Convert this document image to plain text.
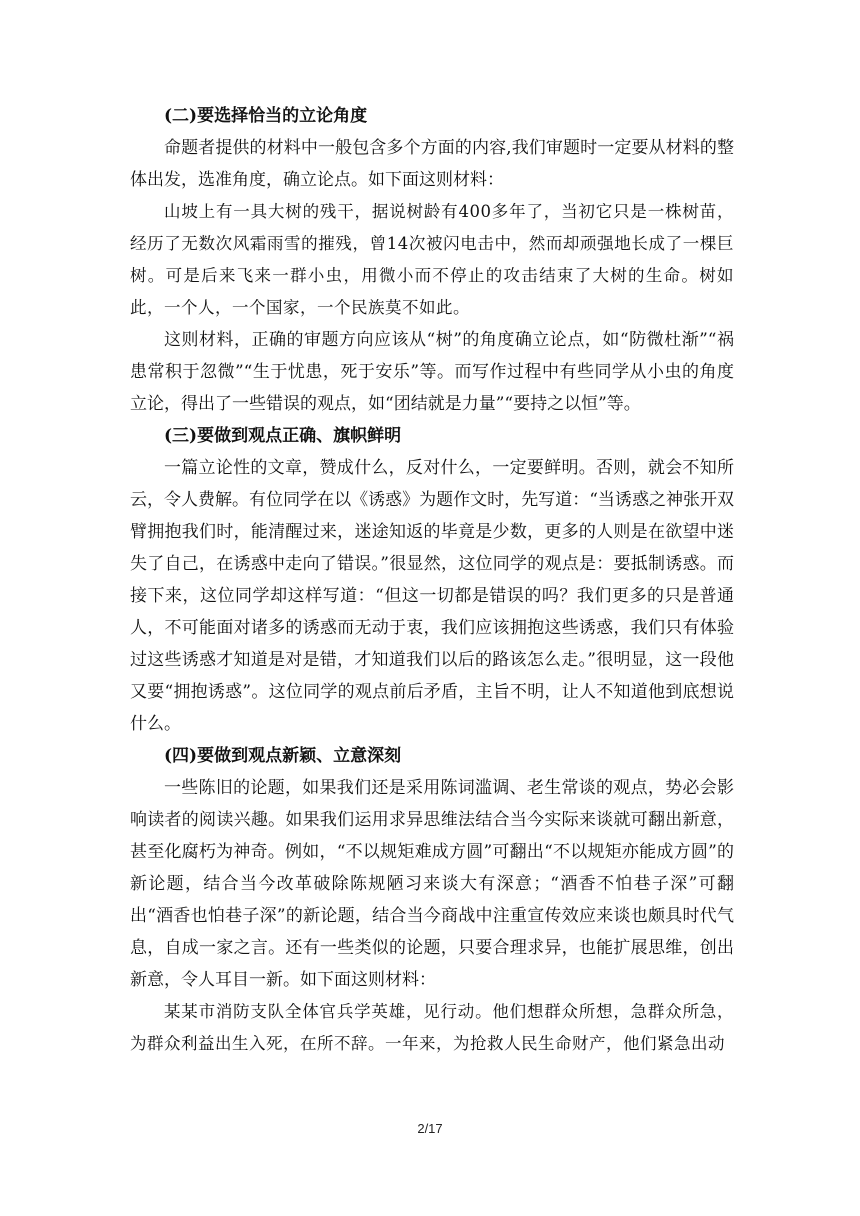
(二)要选择恰当的立论角度

命题者提供的材料中一般包含多个方面的内容,我们审题时一定要从材料的整体出发，选准角度，确立论点。如下面这则材料：

山坡上有一具大树的残干，据说树龄有400多年了，当初它只是一株树苗，经历了无数次风霜雨雪的摧残，曾14次被闪电击中，然而却顽强地长成了一棵巨树。可是后来飞来一群小虫，用微小而不停止的攻击结束了大树的生命。树如此，一个人，一个国家，一个民族莫不如此。

这则材料，正确的审题方向应该从“树”的角度确立论点，如“防微杜渐”“祸患常积于忽微”“生于忧患，死于安乐”等。而写作过程中有些同学从小虫的角度立论，得出了一些错误的观点，如“团结就是力量”“要持之以恒”等。

(三)要做到观点正确、旗帜鲜明

一篇立论性的文章，赞成什么，反对什么，一定要鲜明。否则，就会不知所云，令人费解。有位同学在以《诱惑》为题作文时，先写道：“当诱惑之神张开双臂拥抱我们时，能清醒过来，迷途知返的毕竟是少数，更多的人则是在欲望中迷失了自己，在诱惑中走向了错误。”很显然，这位同学的观点是：要抵制诱惑。而接下来，这位同学却这样写道：“但这一切都是错误的吗？我们更多的只是普通人，不可能面对诸多的诱惑而无动于衷，我们应该拥抱这些诱惑，我们只有体验过这些诱惑才知道是对是错，才知道我们以后的路该怎么走。”很明显，这一段他又要“拥抱诱惑”。这位同学的观点前后矛盾，主旨不明，让人不知道他到底想说什么。

(四)要做到观点新颖、立意深刻

一些陈旧的论题，如果我们还是采用陈词滥调、老生常谈的观点，势必会影响读者的阅读兴趣。如果我们运用求异思维法结合当今实际来谈就可翻出新意，甚至化腐朽为神奇。例如，“不以规矩难成方圆”可翻出“不以规矩亦能成方圆”的新论题，结合当今改革破除陈规陋习来谈大有深意；“酒香不怕巷子深”可翻出“酒香也怕巷子深”的新论题，结合当今商战中注重宣传效应来谈也颇具时代气息，自成一家之言。还有一些类似的论题，只要合理求异，也能扩展思维，创出新意，令人耳目一新。如下面这则材料：

某某市消防支队全体官兵学英雄，见行动。他们想群众所想，急群众所急，为群众利益出生入死，在所不辞。一年来，为抢救人民生命财产，他们紧急出动

2/17
